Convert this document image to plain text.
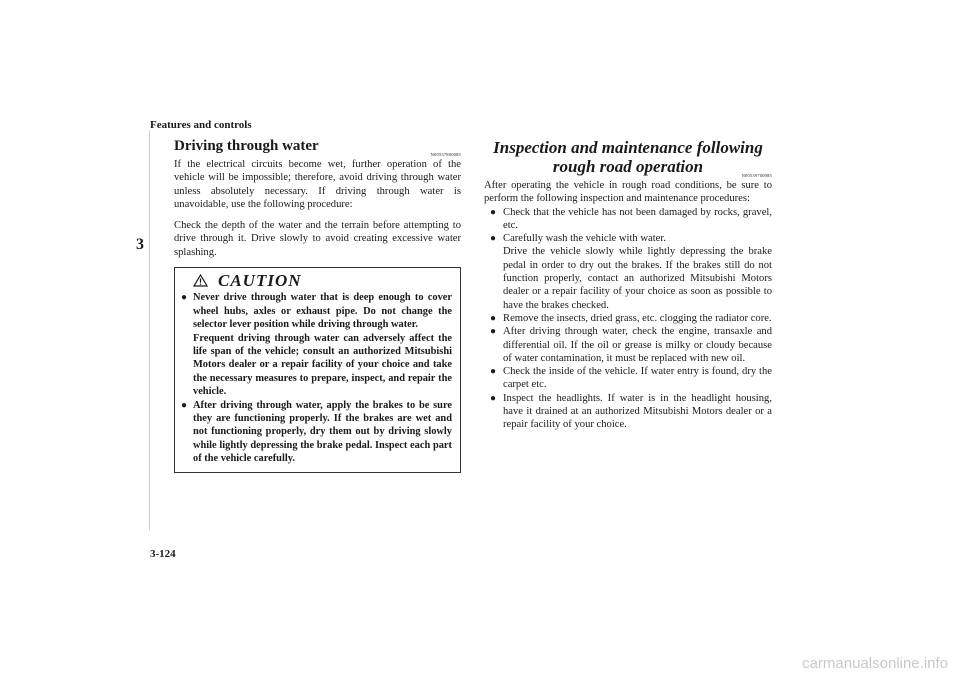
Features and controls
3
Driving through water
N00537800085

If the electrical circuits become wet, further operation of the vehicle will be impossible; therefore, avoid driving through water unless absolutely necessary. If driving through water is unavoidable, use the following procedure:

Check the depth of the water and the terrain before attempting to drive through it. Drive slowly to avoid creating excessive water splashing.

CAUTION
● Never drive through water that is deep enough to cover wheel hubs, axles or exhaust pipe. Do not change the selector lever position while driving through water.
Frequent driving through water can adversely affect the life span of the vehicle; consult an authorized Mitsubishi Motors dealer or a repair facility of your choice and take the necessary measures to prepare, inspect, and repair the vehicle.
● After driving through water, apply the brakes to be sure they are functioning properly. If the brakes are wet and not functioning properly, dry them out by driving slowly while lightly depressing the brake pedal. Inspect each part of the vehicle carefully.
Inspection and maintenance following
rough road operation	N00539700085

After operating the vehicle in rough road conditions, be sure to perform the following inspection and maintenance procedures:

● Check that the vehicle has not been damaged by rocks, gravel, etc.
● Carefully wash the vehicle with water.
Drive the vehicle slowly while lightly depressing the brake pedal in order to dry out the brakes. If the brakes still do not function properly, contact an authorized Mitsubishi Motors dealer or a repair facility of your choice as soon as possible to have the brakes checked.
● Remove the insects, dried grass, etc. clogging the radiator core.
● After driving through water, check the engine, transaxle and differential oil. If the oil or grease is milky or cloudy because of water contamination, it must be replaced with new oil.
● Check the inside of the vehicle. If water entry is found, dry the carpet etc.
● Inspect the headlights. If water is in the headlight housing, have it drained at an authorized Mitsubishi Motors dealer or a repair facility of your choice.
3-124
carmanualsonline.info
